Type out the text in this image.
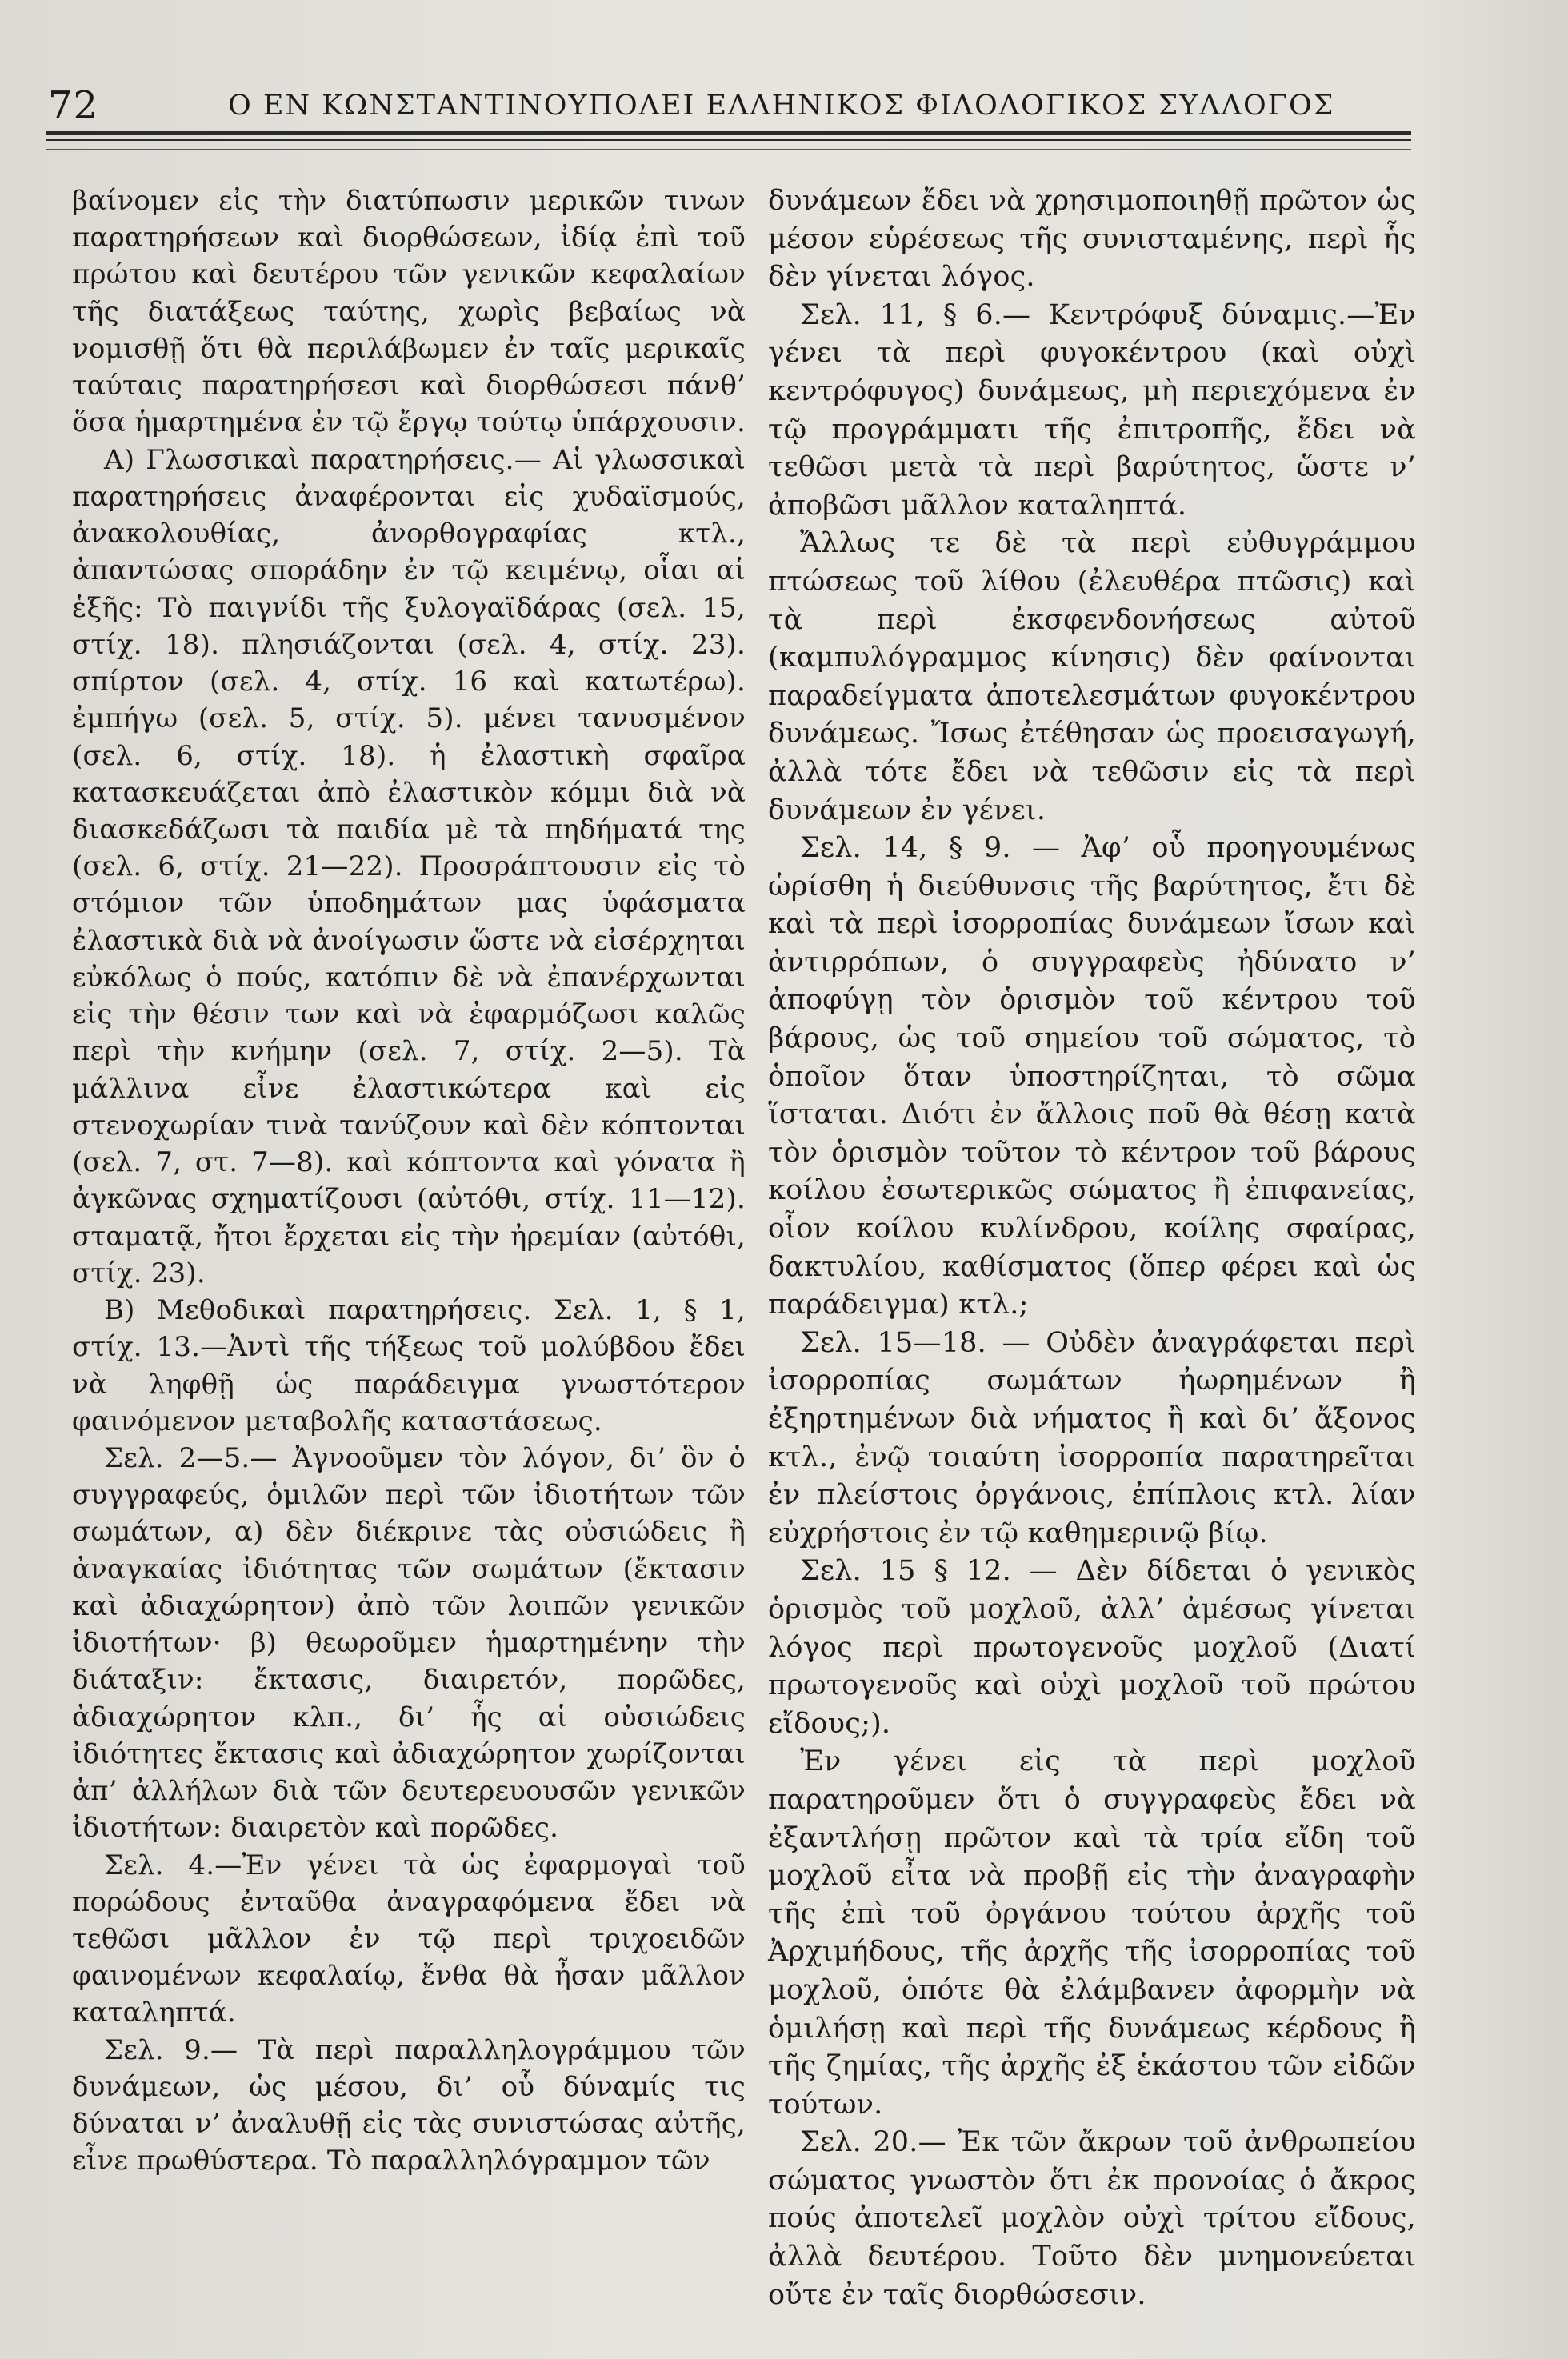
72	Ο ΕΝ ΚΩΝΣΤΑΝΤΙΝΟΥΠΟΛΕΙ ΕΛΛΗΝΙΚΟΣ ΦΙΛΟΛΟΓΙΚΟΣ ΣΥΛΛΟΓΟΣ

βαίνομεν εἰς τὴν διατύπωσιν μερικῶν τινων παρατηρήσεων καὶ διορθώσεων, ἰδίᾳ ἐπὶ τοῦ πρώτου καὶ δευτέρου τῶν γενικῶν κεφαλαίων τῆς διατάξεως ταύτης, χωρὶς βεβαίως νὰ νομισθῇ ὅτι θὰ περιλάβωμεν ἐν ταῖς μερικαῖς ταύταις παρατηρήσεσι καὶ διορθώσεσι πάνθ’ ὅσα ἡμαρτημένα ἐν τῷ ἔργῳ τούτῳ ὑπάρχουσιν.

Α) Γλωσσικαὶ παρατηρήσεις.— Αἱ γλωσσικαὶ παρατηρήσεις ἀναφέρονται εἰς χυδαϊσμούς, ἀνακολουθίας, ἀνορθογραφίας κτλ., ἀπαντώσας σποράδην ἐν τῷ κειμένῳ, οἷαι αἱ ἑξῆς: Τὸ παιγνίδι τῆς ξυλογαϊδάρας (σελ. 15, στίχ. 18). πλησιάζονται (σελ. 4, στίχ. 23). σπίρτον (σελ. 4, στίχ. 16 καὶ κατωτέρω). ἐμπήγω (σελ. 5, στίχ. 5). μένει τανυσμένον (σελ. 6, στίχ. 18). ἡ ἐλαστικὴ σφαῖρα κατασκευάζεται ἀπὸ ἐλαστικὸν κόμμι διὰ νὰ διασκεδάζωσι τὰ παιδία μὲ τὰ πηδήματά της (σελ. 6, στίχ. 21—22). Προσράπτουσιν εἰς τὸ στόμιον τῶν ὑποδημάτων μας ὑφάσματα ἐλαστικὰ διὰ νὰ ἀνοίγωσιν ὥστε νὰ εἰσέρχηται εὐκόλως ὁ πούς, κατόπιν δὲ νὰ ἐπανέρχωνται εἰς τὴν θέσιν των καὶ νὰ ἐφαρμόζωσι καλῶς περὶ τὴν κνήμην (σελ. 7, στίχ. 2—5). Τὰ μάλλινα εἶνε ἐλαστικώτερα καὶ εἰς στενοχωρίαν τινὰ τανύζουν καὶ δὲν κόπτονται (σελ. 7, στ. 7—8). καὶ κόπτοντα καὶ γόνατα ἢ ἀγκῶνας σχηματίζουσι (αὐτόθι, στίχ. 11—12). σταματᾷ, ἤτοι ἔρχεται εἰς τὴν ἠρεμίαν (αὐτόθι, στίχ. 23).

Β) Μεθοδικαὶ παρατηρήσεις. Σελ. 1, § 1, στίχ. 13.—Ἀντὶ τῆς τήξεως τοῦ μολύβδου ἔδει νὰ ληφθῇ ὡς παράδειγμα γνωστότερον φαινόμενον μεταβολῆς καταστάσεως.

Σελ. 2—5.— Ἀγνοοῦμεν τὸν λόγον, δι’ ὃν ὁ συγγραφεύς, ὁμιλῶν περὶ τῶν ἰδιοτήτων τῶν σωμάτων, α) δὲν διέκρινε τὰς οὐσιώδεις ἢ ἀναγκαίας ἰδιότητας τῶν σωμάτων (ἔκτασιν καὶ ἀδιαχώρητον) ἀπὸ τῶν λοιπῶν γενικῶν ἰδιοτήτων· β) θεωροῦμεν ἡμαρτημένην τὴν διάταξιν: ἔκτασις, διαιρετόν, πορῶδες, ἀδιαχώρητον κλπ., δι’ ἧς αἱ οὐσιώδεις ἰδιότητες ἔκτασις καὶ ἀδιαχώρητον χωρίζονται ἀπ’ ἀλλήλων διὰ τῶν δευτερευουσῶν γενικῶν ἰδιοτήτων: διαιρετὸν καὶ πορῶδες.

Σελ. 4.—Ἐν γένει τὰ ὡς ἐφαρμογαὶ τοῦ πορώδους ἐνταῦθα ἀναγραφόμενα ἔδει νὰ τεθῶσι μᾶλλον ἐν τῷ περὶ τριχοειδῶν φαινομένων κεφαλαίῳ, ἔνθα θὰ ἦσαν μᾶλλον καταληπτά.

Σελ. 9.— Τὰ περὶ παραλληλογράμμου τῶν δυνάμεων, ὡς μέσου, δι’ οὗ δύναμίς τις δύναται ν’ ἀναλυθῇ εἰς τὰς συνιστώσας αὐτῆς, εἶνε πρωθύστερα. Τὸ παραλληλόγραμμον τῶν

δυνάμεων ἔδει νὰ χρησιμοποιηθῇ πρῶτον ὡς μέσον εὑρέσεως τῆς συνισταμένης, περὶ ἧς δὲν γίνεται λόγος.

Σελ. 11, § 6.— Κεντρόφυξ δύναμις.—Ἐν γένει τὰ περὶ φυγοκέντρου (καὶ οὐχὶ κεντρόφυγος) δυνάμεως, μὴ περιεχόμενα ἐν τῷ προγράμματι τῆς ἐπιτροπῆς, ἔδει νὰ τεθῶσι μετὰ τὰ περὶ βαρύτητος, ὥστε ν’ ἀποβῶσι μᾶλλον καταληπτά.

Ἄλλως τε δὲ τὰ περὶ εὐθυγράμμου πτώσεως τοῦ λίθου (ἐλευθέρα πτῶσις) καὶ τὰ περὶ ἐκσφενδονήσεως αὐτοῦ (καμπυλόγραμμος κίνησις) δὲν φαίνονται παραδείγματα ἀποτελεσμάτων φυγοκέντρου δυνάμεως. Ἴσως ἐτέθησαν ὡς προεισαγωγή, ἀλλὰ τότε ἔδει νὰ τεθῶσιν εἰς τὰ περὶ δυνάμεων ἐν γένει.

Σελ. 14, § 9. — Ἀφ’ οὗ προηγουμένως ὡρίσθη ἡ διεύθυνσις τῆς βαρύτητος, ἔτι δὲ καὶ τὰ περὶ ἰσορροπίας δυνάμεων ἴσων καὶ ἀντιρρόπων, ὁ συγγραφεὺς ἠδύνατο ν’ ἀποφύγῃ τὸν ὁρισμὸν τοῦ κέντρου τοῦ βάρους, ὡς τοῦ σημείου τοῦ σώματος, τὸ ὁποῖον ὅταν ὑποστηρίζηται, τὸ σῶμα ἵσταται. Διότι ἐν ἄλλοις ποῦ θὰ θέσῃ κατὰ τὸν ὁρισμὸν τοῦτον τὸ κέντρον τοῦ βάρους κοίλου ἐσωτερικῶς σώματος ἢ ἐπιφανείας, οἷον κοίλου κυλίνδρου, κοίλης σφαίρας, δακτυλίου, καθίσματος (ὅπερ φέρει καὶ ὡς παράδειγμα) κτλ.;

Σελ. 15—18. — Οὐδὲν ἀναγράφεται περὶ ἰσορροπίας σωμάτων ἠωρημένων ἢ ἐξηρτημένων διὰ νήματος ἢ καὶ δι’ ἄξονος κτλ., ἐνῷ τοιαύτη ἰσορροπία παρατηρεῖται ἐν πλείστοις ὀργάνοις, ἐπίπλοις κτλ. λίαν εὐχρήστοις ἐν τῷ καθημερινῷ βίῳ.

Σελ. 15 § 12. — Δὲν δίδεται ὁ γενικὸς ὁρισμὸς τοῦ μοχλοῦ, ἀλλ’ ἀμέσως γίνεται λόγος περὶ πρωτογενοῦς μοχλοῦ (Διατί πρωτογενοῦς καὶ οὐχὶ μοχλοῦ τοῦ πρώτου εἴδους;).

Ἐν γένει εἰς τὰ περὶ μοχλοῦ παρατηροῦμεν ὅτι ὁ συγγραφεὺς ἔδει νὰ ἐξαντλήσῃ πρῶτον καὶ τὰ τρία εἴδη τοῦ μοχλοῦ εἶτα νὰ προβῇ εἰς τὴν ἀναγραφὴν τῆς ἐπὶ τοῦ ὀργάνου τούτου ἀρχῆς τοῦ Ἀρχιμήδους, τῆς ἀρχῆς τῆς ἰσορροπίας τοῦ μοχλοῦ, ὁπότε θὰ ἐλάμβανεν ἀφορμὴν νὰ ὁμιλήσῃ καὶ περὶ τῆς δυνάμεως κέρδους ἢ τῆς ζημίας, τῆς ἀρχῆς ἐξ ἑκάστου τῶν εἰδῶν τούτων.

Σελ. 20.— Ἐκ τῶν ἄκρων τοῦ ἀνθρωπείου σώματος γνωστὸν ὅτι ἐκ προνοίας ὁ ἄκρος πούς ἀποτελεῖ μοχλὸν οὐχὶ τρίτου εἴδους, ἀλλὰ δευτέρου. Τοῦτο δὲν μνημονεύεται οὔτε ἐν ταῖς διορθώσεσιν.
